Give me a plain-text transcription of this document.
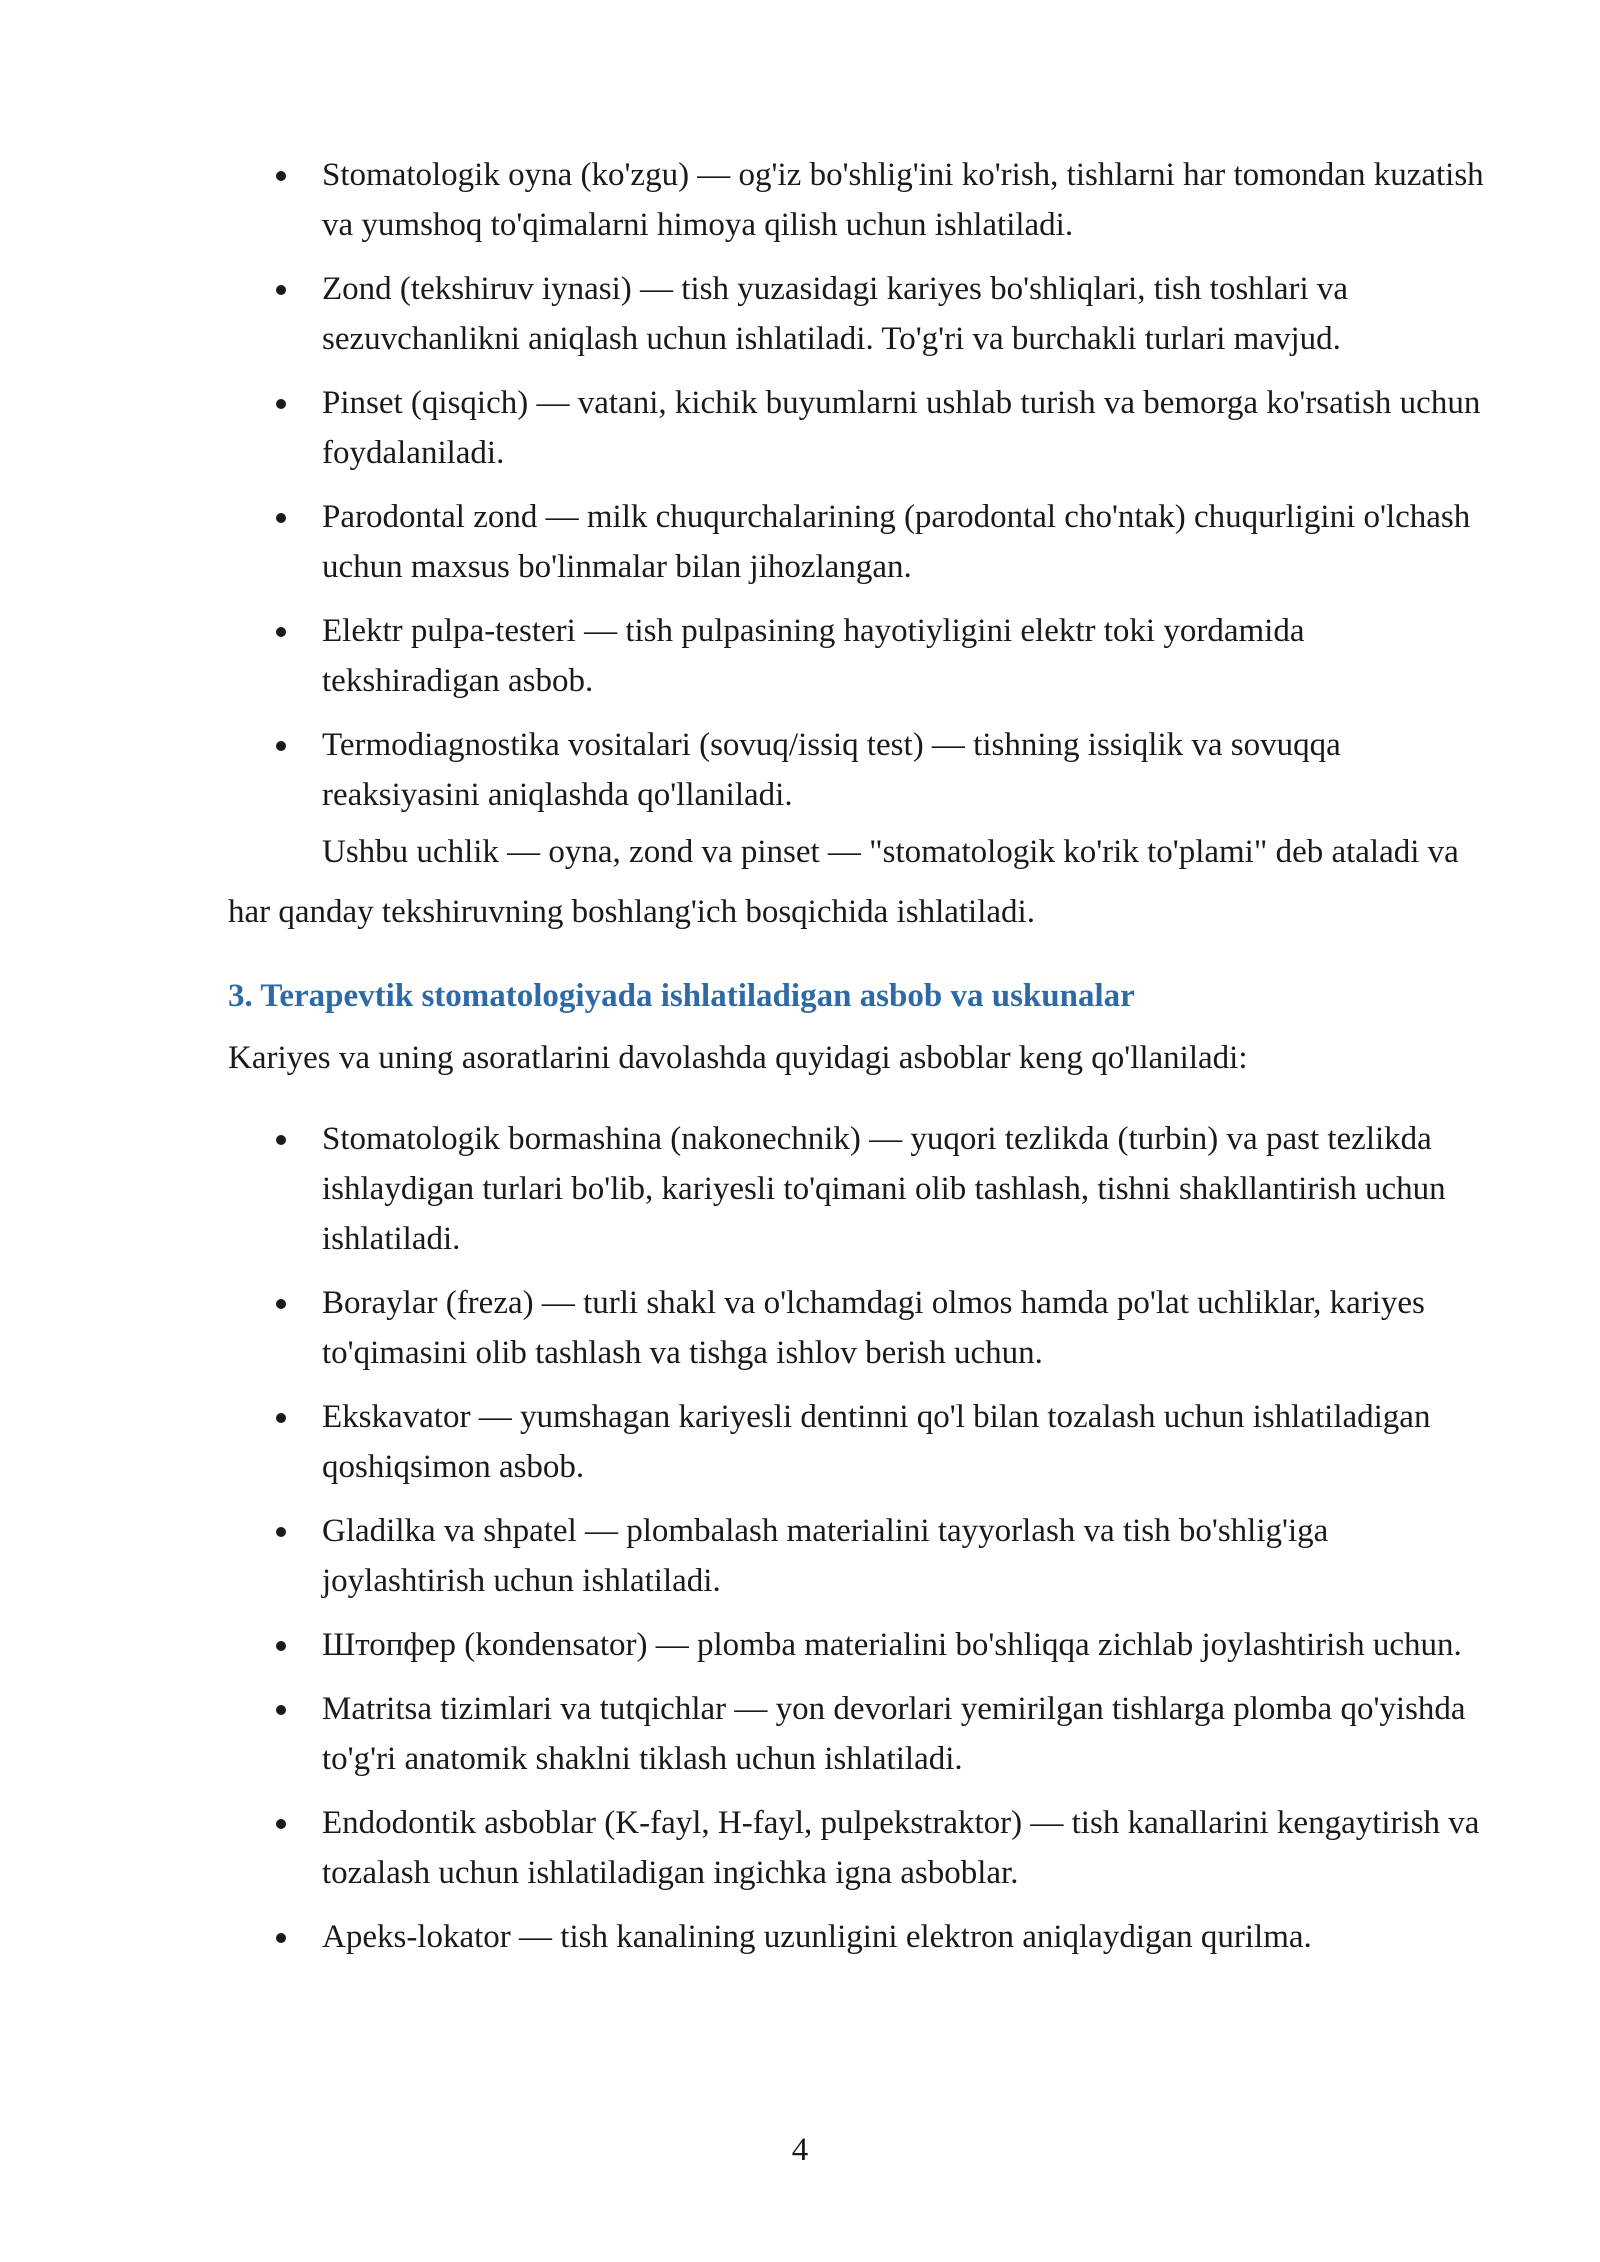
Stomatologik oyna (ko'zgu) — og'iz bo'shlig'ini ko'rish, tishlarni har tomondan kuzatish va yumshoq to'qimalarni himoya qilish uchun ishlatiladi.
Zond (tekshiruv iynasi) — tish yuzasidagi kariyes bo'shliqlari, tish toshlari va sezuvchanlikni aniqlash uchun ishlatiladi. To'g'ri va burchakli turlari mavjud.
Pinset (qisqich) — vatani, kichik buyumlarni ushlab turish va bemorga ko'rsatish uchun foydalaniladi.
Parodontal zond — milk chuqurchalarining (parodontal cho'ntak) chuqurligini o'lchash uchun maxsus bo'linmalar bilan jihozlangan.
Elektr pulpa-testeri — tish pulpasining hayotiyligini elektr toki yordamida tekshiradigan asbob.
Termodiagnostika vositalari (sovuq/issiq test) — tishning issiqlik va sovuqqa reaksiyasini aniqlashda qo'llaniladi.

Ushbu uchlik — oyna, zond va pinset — "stomatologik ko'rik to'plami" deb ataladi va har qanday tekshiruvning boshlang'ich bosqichida ishlatiladi.

3. Terapevtik stomatologiyada ishlatiladigan asbob va uskunalar

Kariyes va uning asoratlarini davolashda quyidagi asboblar keng qo'llaniladi:

Stomatologik bormashina (nakonechnik) — yuqori tezlikda (turbin) va past tezlikda ishlaydigan turlari bo'lib, kariyesli to'qimani olib tashlash, tishni shakllantirish uchun ishlatiladi.
Boraylar (freza) — turli shakl va o'lchamdagi olmos hamda po'lat uchliklar, kariyes to'qimasini olib tashlash va tishga ishlov berish uchun.
Ekskavator — yumshagan kariyesli dentinni qo'l bilan tozalash uchun ishlatiladigan qoshiqsimon asbob.
Gladilka va shpatel — plombalash materialini tayyorlash va tish bo'shlig'iga joylashtirish uchun ishlatiladi.
Штопфер (kondensator) — plomba materialini bo'shliqqa zichlab joylashtirish uchun.
Matritsa tizimlari va tutqichlar — yon devorlari yemirilgan tishlarga plomba qo'yishda to'g'ri anatomik shaklni tiklash uchun ishlatiladi.
Endodontik asboblar (K-fayl, H-fayl, pulpekstraktor) — tish kanallarini kengaytirish va tozalash uchun ishlatiladigan ingichka igna asboblar.
Apeks-lokator — tish kanalining uzunligini elektron aniqlaydigan qurilma.
4
